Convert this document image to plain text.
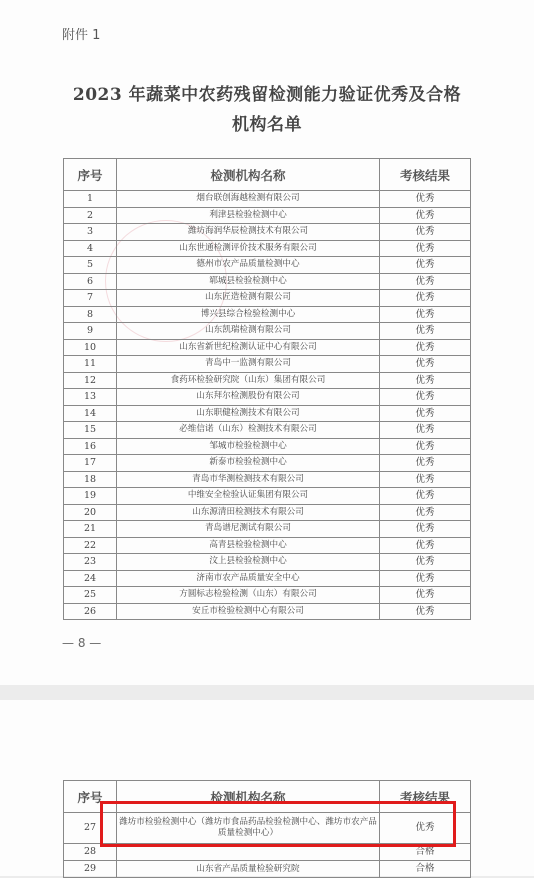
附件 1
2023 年蔬菜中农药残留检测能力验证优秀及合格
机构名单
序号	检测机构名称	考核结果
1	烟台联创海越检测有限公司	优秀
2	利津县检验检测中心	优秀
3	潍坊海润华辰检测技术有限公司	优秀
4	山东世通检测评价技术服务有限公司	优秀
5	德州市农产品质量检测中心	优秀
6	郓城县检验检测中心	优秀
7	山东匠造检测有限公司	优秀
8	博兴县综合检验检测中心	优秀
9	山东凯瑞检测有限公司	优秀
10	山东省新世纪检测认证中心有限公司	优秀
11	青岛中一监测有限公司	优秀
12	食药环检验研究院（山东）集团有限公司	优秀
13	山东拜尔检测股份有限公司	优秀
14	山东职健检测技术有限公司	优秀
15	必维信诺（山东）检测技术有限公司	优秀
16	邹城市检验检测中心	优秀
17	新泰市检验检测中心	优秀
18	青岛市华测检测技术有限公司	优秀
19	中维安全检验认证集团有限公司	优秀
20	山东源清田检测技术有限公司	优秀
21	青岛谱尼测试有限公司	优秀
22	高青县检验检测中心	优秀
23	汶上县检验检测中心	优秀
24	济南市农产品质量安全中心	优秀
25	方圆标志检验检测（山东）有限公司	优秀
26	安丘市检验检测中心有限公司	优秀
— 8 —
序号	检测机构名称	考核结果
27	潍坊市检验检测中心（潍坊市食品药品检验检测中心、潍坊市农产品质量检测中心）	优秀
28		合格
29	山东省产品质量检验研究院	合格
